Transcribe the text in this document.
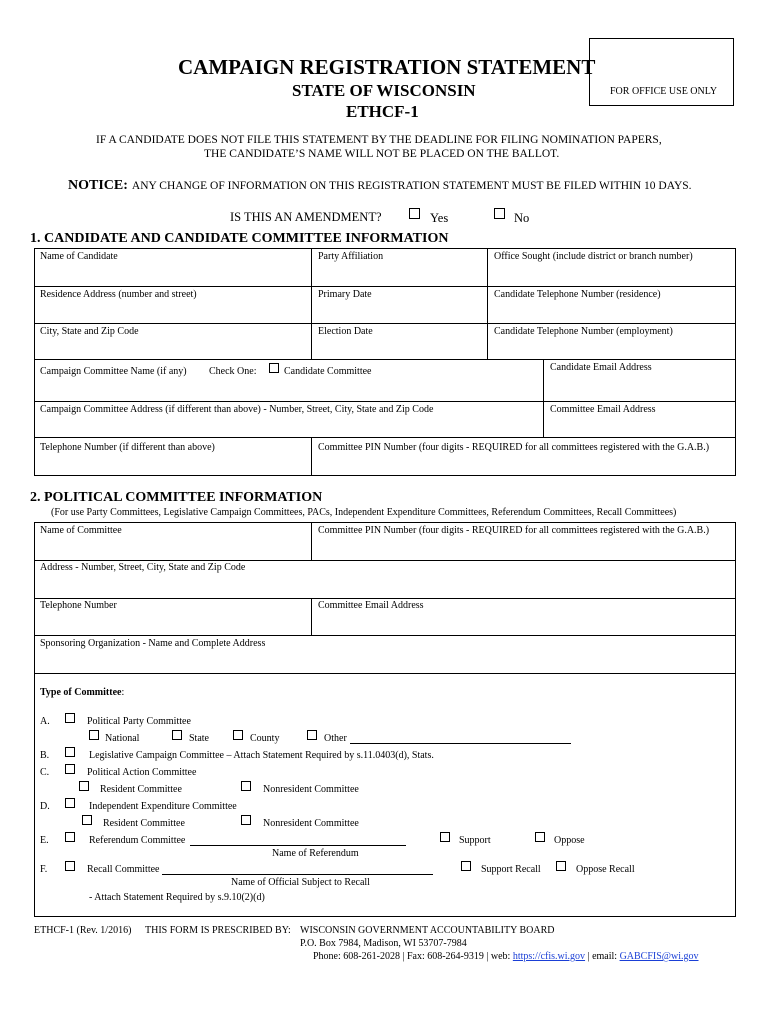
CAMPAIGN REGISTRATION STATEMENT
STATE OF WISCONSIN
ETHCF-1
FOR OFFICE USE ONLY
IF A CANDIDATE DOES NOT FILE THIS STATEMENT BY THE DEADLINE FOR FILING NOMINATION PAPERS,
THE CANDIDATE’S NAME WILL NOT BE PLACED ON THE BALLOT.
NOTICE: ANY CHANGE OF INFORMATION ON THIS REGISTRATION STATEMENT MUST BE FILED WITHIN 10 DAYS.
IS THIS AN AMENDMENT?	Yes	No
1. CANDIDATE AND CANDIDATE COMMITTEE INFORMATION
Name of Candidate	Party Affiliation	Office Sought (include district or branch number)
Residence Address (number and street)	Primary Date	Candidate Telephone Number (residence)
City, State and Zip Code	Election Date	Candidate Telephone Number (employment)
Campaign Committee Name (if any) Check One:	Candidate Committee	Candidate Email Address
Campaign Committee Address (if different than above) - Number, Street, City, State and Zip Code	Committee Email Address
Telephone Number (if different than above)	Committee PIN Number (four digits - REQUIRED for all committees registered with the G.A.B.)
2. POLITICAL COMMITTEE INFORMATION
(For use Party Committees, Legislative Campaign Committees, PACs, Independent Expenditure Committees, Referendum Committees, Recall Committees)
Name of Committee	Committee PIN Number (four digits - REQUIRED for all committees registered with the G.A.B.)
Address - Number, Street, City, State and Zip Code
Telephone Number	Committee Email Address
Sponsoring Organization - Name and Complete Address
Type of Committee:
A.	Political Party Committee
National	State	County	Other
B.	Legislative Campaign Committee – Attach Statement Required by s.11.0403(d), Stats.
C.	Political Action Committee
Resident Committee	Nonresident Committee
D.	Independent Expenditure Committee
Resident Committee	Nonresident Committee
E.	Referendum Committee	Support	Oppose
Name of Referendum
F.	Recall Committee	Support Recall	Oppose Recall
Name of Official Subject to Recall
- Attach Statement Required by s.9.10(2)(d)
ETHCF-1 (Rev. 1/2016) THIS FORM IS PRESCRIBED BY: WISCONSIN GOVERNMENT ACCOUNTABILITY BOARD
P.O. Box 7984, Madison, WI 53707-7984
Phone: 608-261-2028 | Fax: 608-264-9319 | web: https://cfis.wi.gov | email: GABCFIS@wi.gov
